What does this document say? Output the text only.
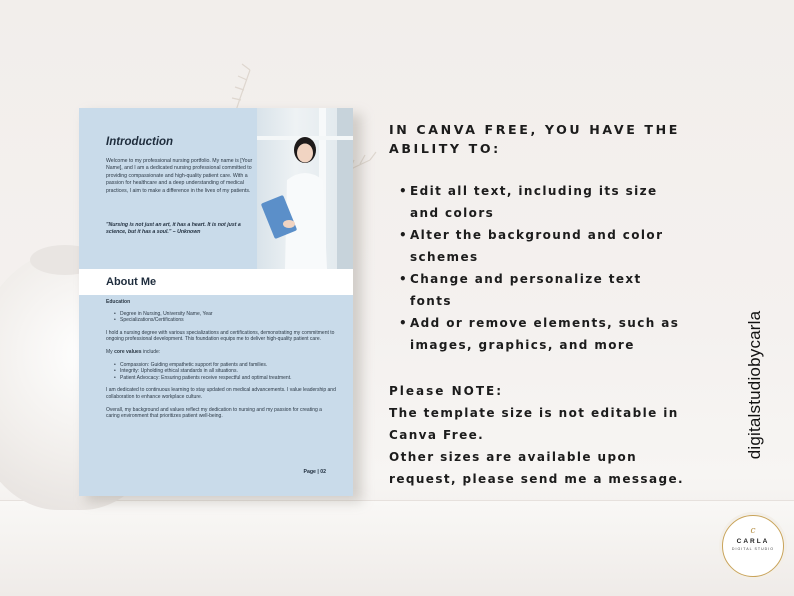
Introduction
Welcome to my professional nursing portfolio. My name is [Your Name], and I am a dedicated nursing professional committed to providing compassionate and high-quality patient care. With a passion for healthcare and a deep understanding of medical practices, I aim to make a difference in the lives of my patients.
"Nursing is not just an art, it has a heart. It is not just a science, but it has a soul." – Unknown
About Me
Education
• Degree in Nursing, University Name, Year
• Specializations/Certifications

I hold a nursing degree with various specializations and certifications, demonstrating my commitment to ongoing professional development. This foundation equips me to deliver high-quality patient care.

My core values include:

• Compassion: Guiding empathetic support for patients and families.
• Integrity: Upholding ethical standards in all situations.
• Patient Advocacy: Ensuring patients receive respectful and optimal treatment.

I am dedicated to continuous learning to stay updated on medical advancements. I value leadership and collaboration to enhance workplace culture.

Overall, my background and values reflect my dedication to nursing and my passion for creating a caring environment that prioritizes patient well-being.

Page | 02
IN CANVA FREE, YOU HAVE THE
ABILITY TO:
• Edit all text, including its size
and colors
• Alter the background and color
schemes
• Change and personalize text
fonts
• Add or remove elements, such as
images, graphics, and more
Please NOTE:
The template size is not editable in
Canva Free.
Other sizes are available upon
request, please send me a message.
digitalstudiobycarla
c
CARLA
DIGITAL STUDIO
